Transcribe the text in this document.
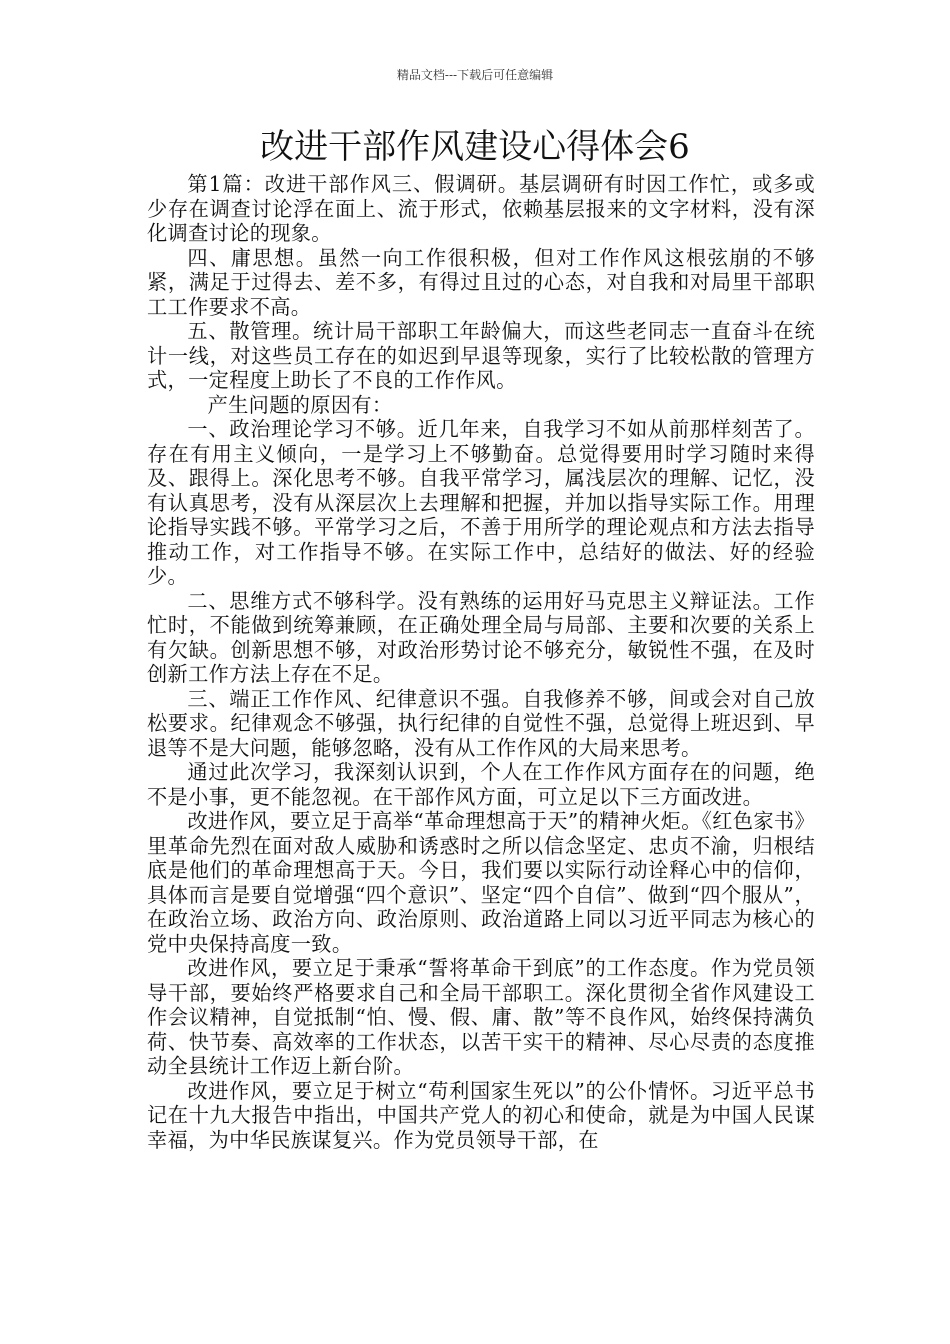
精品文档---下载后可任意编辑
改进干部作风建设心得体会6

第1篇：改进干部作风三、假调研。基层调研有时因工作忙，或多或少存在调查讨论浮在面上、流于形式，依赖基层报来的文字材料，没有深化调查讨论的现象。

四、庸思想。虽然一向工作很积极，但对工作作风这根弦崩的不够紧，满足于过得去、差不多，有得过且过的心态，对自我和对局里干部职工工作要求不高。

五、散管理。统计局干部职工年龄偏大，而这些老同志一直奋斗在统计一线，对这些员工存在的如迟到早退等现象，实行了比较松散的管理方式，一定程度上助长了不良的工作作风。

产生问题的原因有：

一、政治理论学习不够。近几年来，自我学习不如从前那样刻苦了。存在有用主义倾向，一是学习上不够勤奋。总觉得要用时学习随时来得及、跟得上。深化思考不够。自我平常学习，属浅层次的理解、记忆，没有认真思考，没有从深层次上去理解和把握，并加以指导实际工作。用理论指导实践不够。平常学习之后，不善于用所学的理论观点和方法去指导推动工作，对工作指导不够。在实际工作中，总结好的做法、好的经验少。

二、思维方式不够科学。没有熟练的运用好马克思主义辩证法。工作忙时，不能做到统筹兼顾，在正确处理全局与局部、主要和次要的关系上有欠缺。创新思想不够，对政治形势讨论不够充分，敏锐性不强，在及时创新工作方法上存在不足。

三、端正工作作风、纪律意识不强。自我修养不够，间或会对自己放松要求。纪律观念不够强，执行纪律的自觉性不强，总觉得上班迟到、早退等不是大问题，能够忽略，没有从工作作风的大局来思考。

通过此次学习，我深刻认识到，个人在工作作风方面存在的问题，绝不是小事，更不能忽视。在干部作风方面，可立足以下三方面改进。

改进作风，要立足于高举“革命理想高于天”的精神火炬。《红色家书》里革命先烈在面对敌人威胁和诱惑时之所以信念坚定、忠贞不渝，归根结底是他们的革命理想高于天。今日，我们要以实际行动诠释心中的信仰，具体而言是要自觉增强“四个意识”、坚定“四个自信”、做到“四个服从”，在政治立场、政治方向、政治原则、政治道路上同以习近平同志为核心的党中央保持高度一致。

改进作风，要立足于秉承“誓将革命干到底”的工作态度。作为党员领导干部，要始终严格要求自己和全局干部职工。深化贯彻全省作风建设工作会议精神，自觉抵制“怕、慢、假、庸、散”等不良作风，始终保持满负荷、快节奏、高效率的工作状态，以苦干实干的精神、尽心尽责的态度推动全县统计工作迈上新台阶。

改进作风，要立足于树立“苟利国家生死以”的公仆情怀。习近平总书记在十九大报告中指出，中国共产党人的初心和使命，就是为中国人民谋幸福，为中华民族谋复兴。作为党员领导干部，在
